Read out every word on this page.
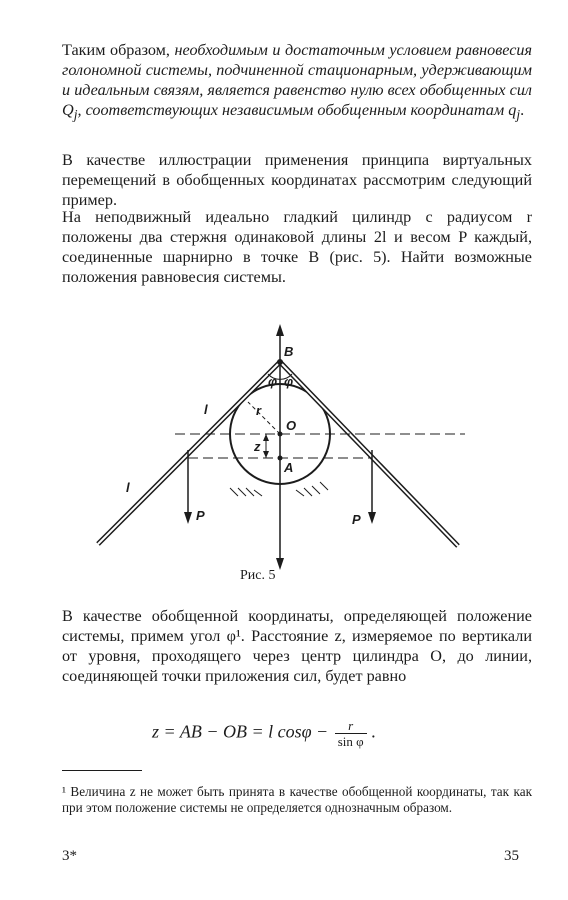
Таким образом, необходимым и достаточным условием равновесия голономной системы, подчиненной стационарным, удерживающим и идеальным связям, является равенство нулю всех обобщенных сил $Q_j$, соответствующих независимым обобщенным координатам $q_j$.

В качестве иллюстрации применения принципа виртуальных перемещений в обобщенных координатах рассмотрим следующий пример.

На неподвижный идеально гладкий цилиндр с радиусом r положены два стержня одинаковой длины 2l и весом P каждый, соединенные шарнирно в точке B (рис. 5). Найти возможные положения равновесия системы.

B
O
A
z
r
φ φ
l
l
P	P
Рис. 5

В качестве обобщенной координаты, определяющей положение системы, примем угол φ¹. Расстояние z, измеряемое по вертикали от уровня, проходящего через центр цилиндра O, до линии, соединяющей точки приложения сил, будет равно

z = AB − OB = l $\cos\varphi - \frac{r}{\text{sin φ}}$ .
¹ Величина z не может быть принята в качестве обобщенной координаты, так как при этом положение системы не определяется однозначным образом.
3*	35
